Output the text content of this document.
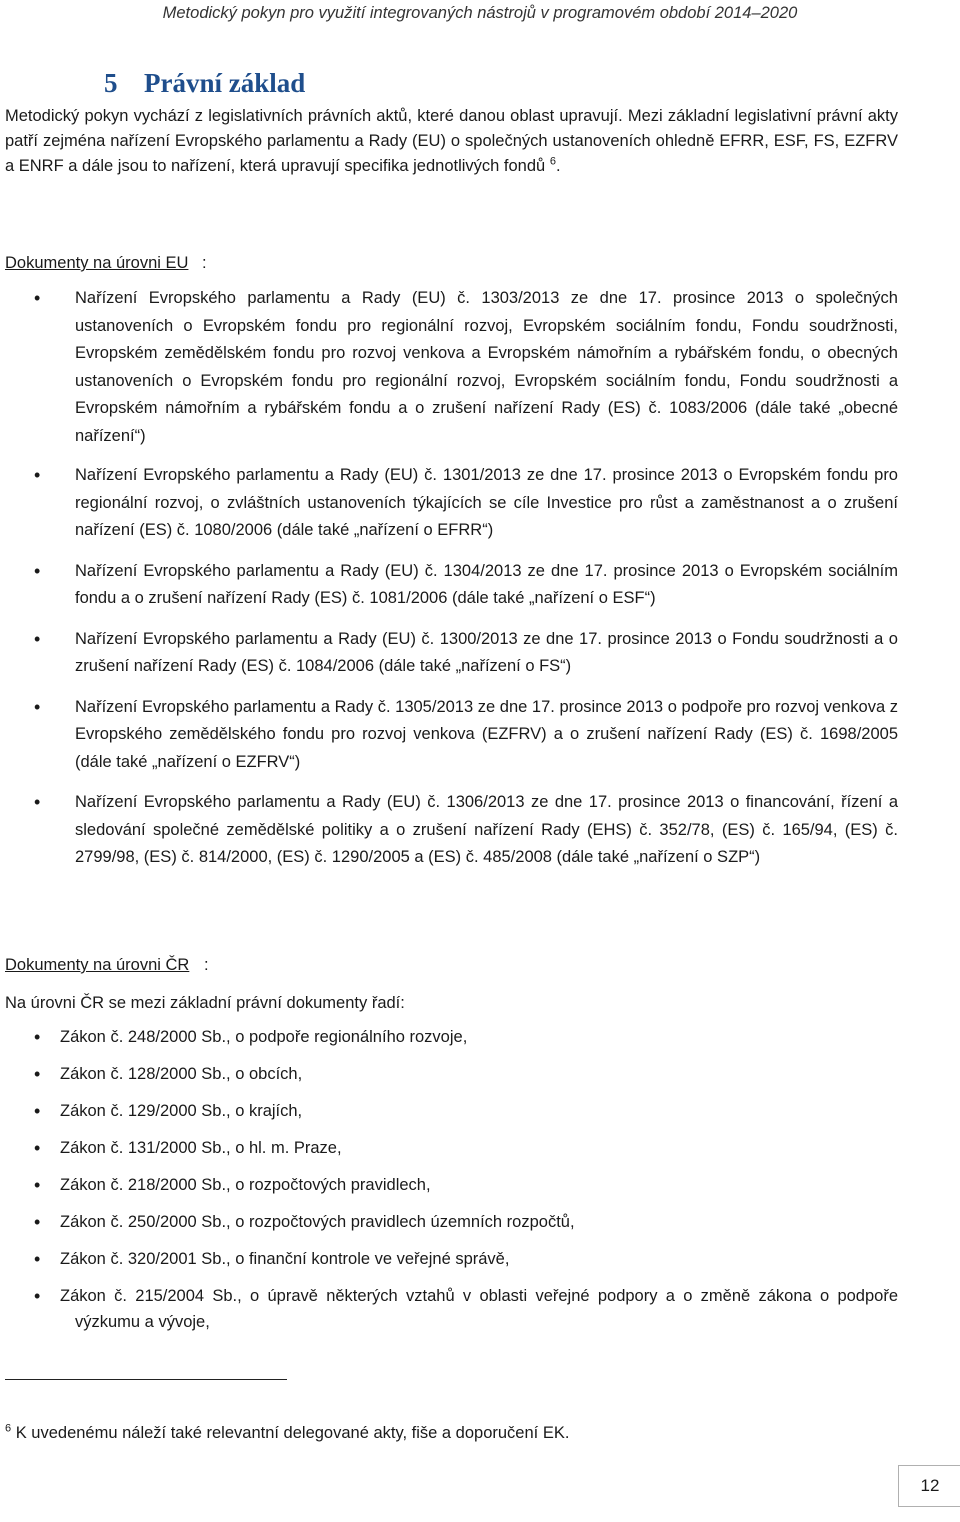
Metodický pokyn pro využití integrovaných nástrojů v programovém období 2014–2020
5 Právní základ
Metodický pokyn vychází z legislativních právních aktů, které danou oblast upravují. Mezi základní legislativní právní akty patří zejména nařízení Evropského parlamentu a Rady (EU) o společných ustanoveních ohledně EFRR, ESF, FS, EZFRV a ENRF a dále jsou to nařízení, která upravují specifika jednotlivých fondů $^6$.
Dokumenty na úrovni EU :
• Nařízení Evropského parlamentu a Rady (EU) č. 1303/2013 ze dne 17. prosince 2013 o společných ustanoveních o Evropském fondu pro regionální rozvoj, Evropském sociálním fondu, Fondu soudržnosti, Evropském zemědělském fondu pro rozvoj venkova a Evropském námořním a rybářském fondu, o obecných ustanoveních o Evropském fondu pro regionální rozvoj, Evropském sociálním fondu, Fondu soudržnosti a Evropském námořním a rybářském fondu a o zrušení nařízení Rady (ES) č. 1083/2006 (dále také „obecné nařízení“)
• Nařízení Evropského parlamentu a Rady (EU) č. 1301/2013 ze dne 17. prosince 2013 o Evropském fondu pro regionální rozvoj, o zvláštních ustanoveních týkajících se cíle Investice pro růst a zaměstnanost a o zrušení nařízení (ES) č. 1080/2006 (dále také „nařízení o EFRR“)
• Nařízení Evropského parlamentu a Rady (EU) č. 1304/2013 ze dne 17. prosince 2013 o Evropském sociálním fondu a o zrušení nařízení Rady (ES) č. 1081/2006 (dále také „nařízení o ESF“)
• Nařízení Evropského parlamentu a Rady (EU) č. 1300/2013 ze dne 17. prosince 2013 o Fondu soudržnosti a o zrušení nařízení Rady (ES) č. 1084/2006 (dále také „nařízení o FS“)
• Nařízení Evropského parlamentu a Rady č. 1305/2013 ze dne 17. prosince 2013 o podpoře pro rozvoj venkova z Evropského zemědělského fondu pro rozvoj venkova (EZFRV) a o zrušení nařízení Rady (ES) č. 1698/2005 (dále také „nařízení o EZFRV“)
• Nařízení Evropského parlamentu a Rady (EU) č. 1306/2013 ze dne 17. prosince 2013 o financování, řízení a sledování společné zemědělské politiky a o zrušení nařízení Rady (EHS) č. 352/78, (ES) č. 165/94, (ES) č. 2799/98, (ES) č. 814/2000, (ES) č. 1290/2005 a (ES) č. 485/2008 (dále také „nařízení o SZP“)
Dokumenty na úrovni ČR :
Na úrovni ČR se mezi základní právní dokumenty řadí:
• Zákon č. 248/2000 Sb., o podpoře regionálního rozvoje,
• Zákon č. 128/2000 Sb., o obcích,
• Zákon č. 129/2000 Sb., o krajích,
• Zákon č. 131/2000 Sb., o hl. m. Praze,
• Zákon č. 218/2000 Sb., o rozpočtových pravidlech,
• Zákon č. 250/2000 Sb., o rozpočtových pravidlech územních rozpočtů,
• Zákon č. 320/2001 Sb., o finanční kontrole ve veřejné správě,
• Zákon č. 215/2004 Sb., o úpravě některých vztahů v oblasti veřejné podpory a o změně zákona o podpoře výzkumu a vývoje,
$^6$ K uvedenému náleží také relevantní delegované akty, fiše a doporučení EK.
12
